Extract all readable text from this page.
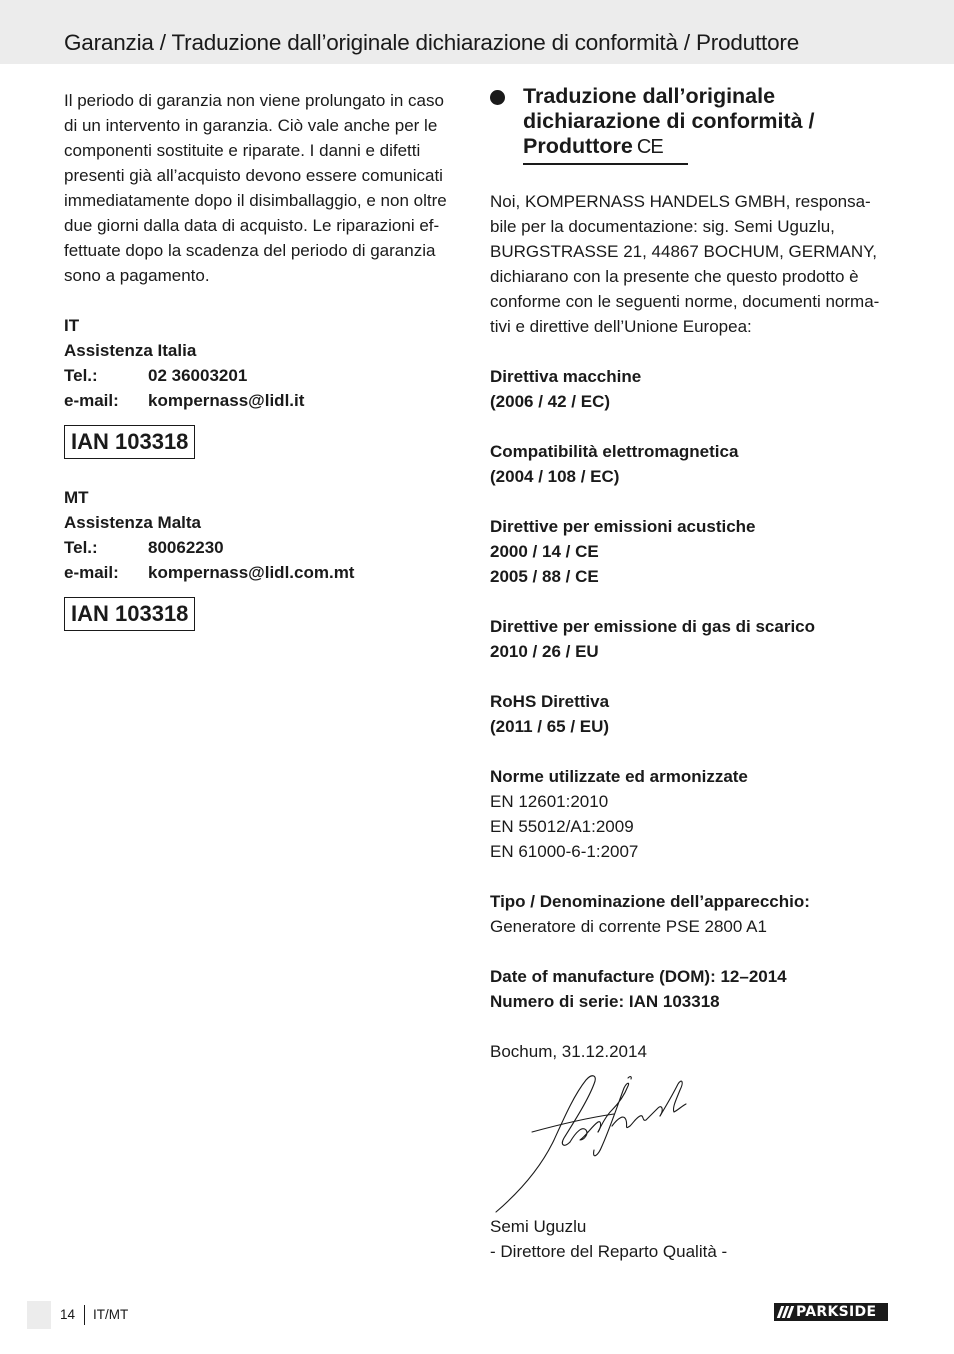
Garanzia / Traduzione dall’originale dichiarazione di conformità / Produttore

Il periodo di garanzia non viene prolungato in caso

di un intervento in garanzia. Ciò vale anche per le

componenti sostituite e riparate. I danni e difetti

presenti già all’acquisto devono essere comunicati

immediatamente dopo il disimballaggio, e non oltre

due giorni dalla data di acquisto. Le riparazioni ef-

fettuate dopo la scadenza del periodo di garanzia

sono a pagamento.

IT

Assistenza Italia

Tel.:	02 36003201
e-mail:	kompernass@lidl.it
IAN 103318

MT

Assistenza Malta

Tel.:	80062230
e-mail:	kompernass@lidl.com.mt
IAN 103318
Traduzione dall’originale
dichiarazione di conformità /
Produttore CE

Noi, KOMPERNASS HANDELS GMBH, responsa-

bile per la documentazione: sig. Semi Uguzlu,

BURGSTRASSE 21, 44867 BOCHUM, GERMANY,

dichiarano con la presente che questo prodotto è

conforme con le seguenti norme, documenti norma-

tivi e direttive dell’Unione Europea:

Direttiva macchine

(2006 / 42 / EC)

Compatibilità elettromagnetica

(2004 / 108 / EC)

Direttive per emissioni acustiche

2000 / 14 / CE

2005 / 88 / CE

Direttive per emissione di gas di scarico

2010 / 26 / EU

RoHS Direttiva

(2011 / 65 / EU)

Norme utilizzate ed armonizzate

EN 12601:2010

EN 55012/A1:2009

EN 61000-6-1:2007

Tipo / Denominazione dell’apparecchio:

Generatore di corrente PSE 2800 A1

Date of manufacture (DOM): 12–2014

Numero di serie: IAN 103318

Bochum, 31.12.2014

Semi Uguzlu

- Direttore del Reparto Qualità -

14 IT/MT	PARKSIDE
